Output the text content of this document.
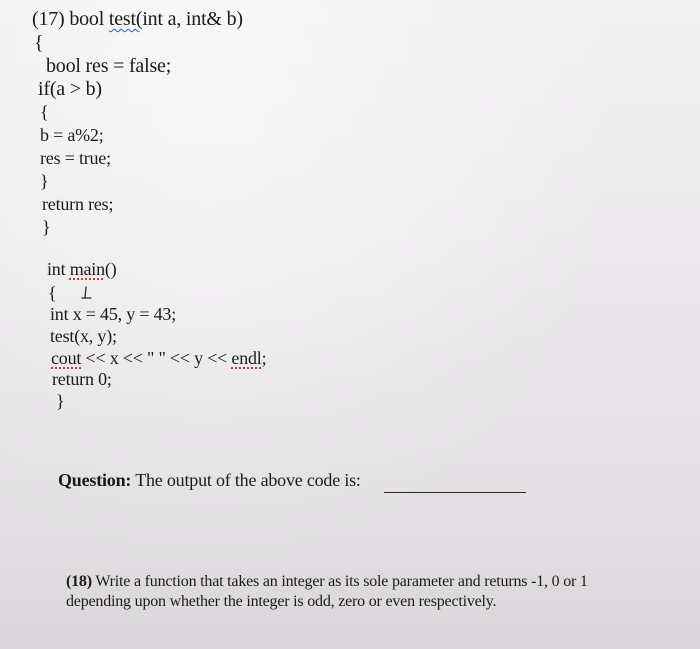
(17) bool test(int a, int& b)
{
bool res = false;
if(a > b)
{
b = a%2;
res = true;
}
return res;
}
int main()
{
int x = 45, y = 43;
test(x, y);
cout << x << " " << y << endl;
return 0;
}
Question: The output of the above code is:
(18) Write a function that takes an integer as its sole parameter and returns -1, 0 or 1
depending upon whether the integer is odd, zero or even respectively.
